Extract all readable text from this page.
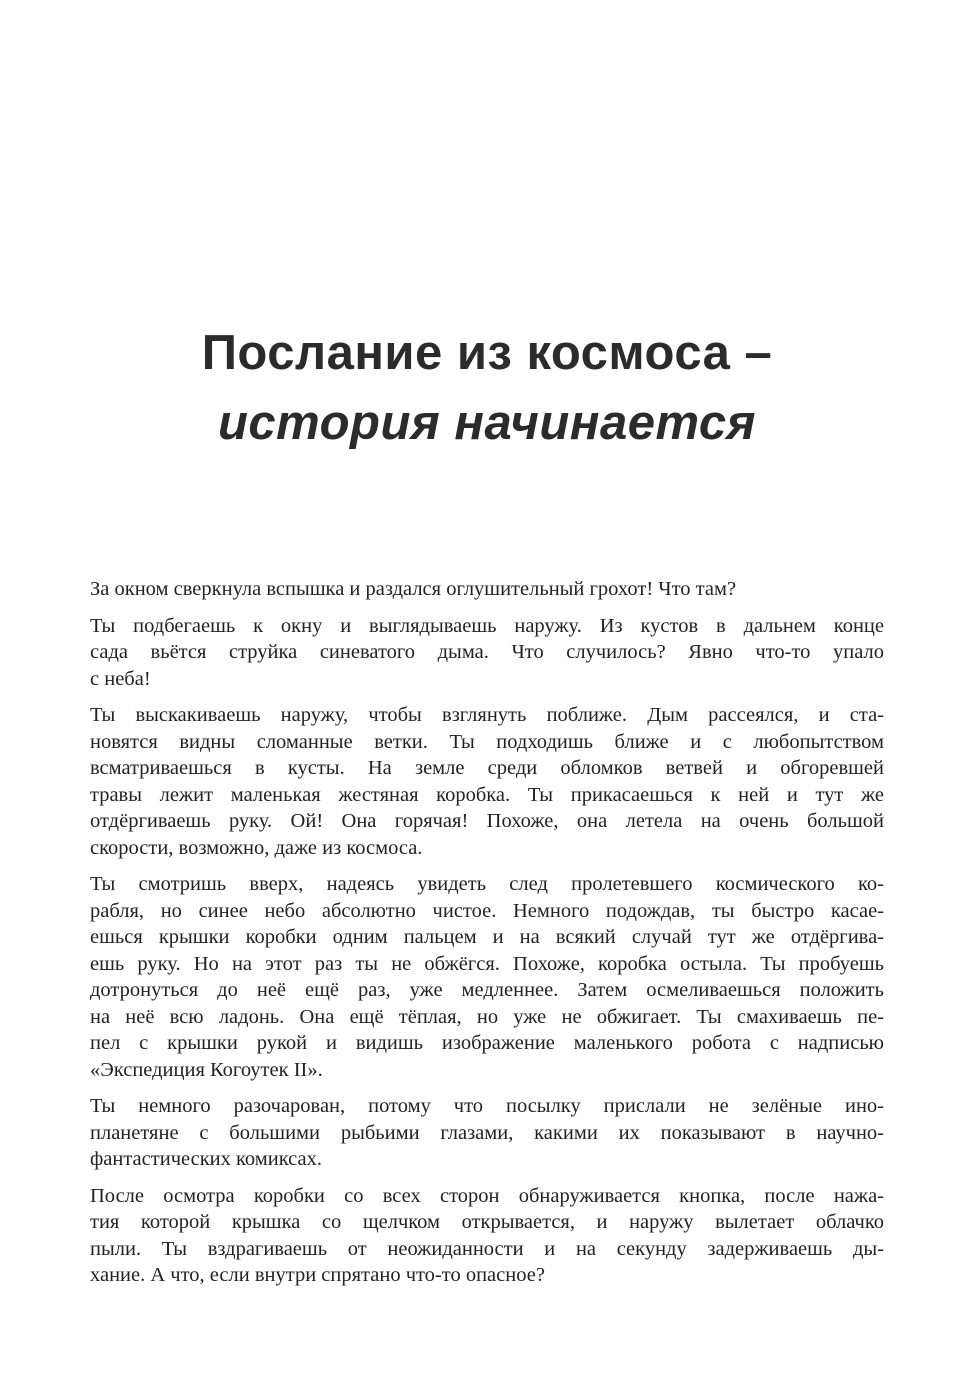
Послание из космоса –
история начинается
За окном сверкнула вспышка и раздался оглушительный грохот! Что там?
Ты подбегаешь к окну и выглядываешь наружу. Из кустов в дальнем конце
сада вьётся струйка синеватого дыма. Что случилось? Явно что-то упало
с неба!
Ты выскакиваешь наружу, чтобы взглянуть поближе. Дым рассеялся, и ста-
новятся видны сломанные ветки. Ты подходишь ближе и с любопытством
всматриваешься в кусты. На земле среди обломков ветвей и обгоревшей
травы лежит маленькая жестяная коробка. Ты прикасаешься к ней и тут же
отдёргиваешь руку. Ой! Она горячая! Похоже, она летела на очень большой
скорости, возможно, даже из космоса.
Ты смотришь вверх, надеясь увидеть след пролетевшего космического ко-
рабля, но синее небо абсолютно чистое. Немного подождав, ты быстро касае-
ешься крышки коробки одним пальцем и на всякий случай тут же отдёргива-
ешь руку. Но на этот раз ты не обжёгся. Похоже, коробка остыла. Ты пробуешь
дотронуться до неё ещё раз, уже медленнее. Затем осмеливаешься положить
на неё всю ладонь. Она ещё тёплая, но уже не обжигает. Ты смахиваешь пе-
пел с крышки рукой и видишь изображение маленького робота с надписью
«Экспедиция Когоутек II».
Ты немного разочарован, потому что посылку прислали не зелёные ино-
планетяне с большими рыбьими глазами, какими их показывают в научно-
фантастических комиксах.
После осмотра коробки со всех сторон обнаруживается кнопка, после нажа-
тия которой крышка со щелчком открывается, и наружу вылетает облачко
пыли. Ты вздрагиваешь от неожиданности и на секунду задерживаешь ды-
хание. А что, если внутри спрятано что-то опасное?
